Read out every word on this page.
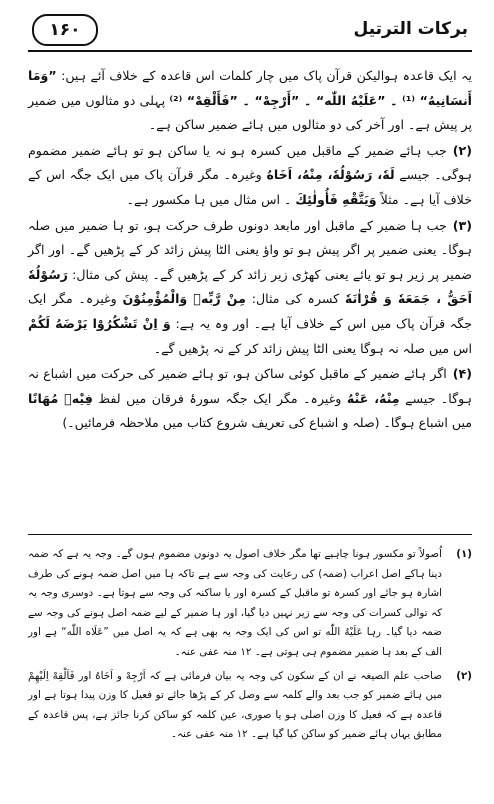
برکات الترتیل
۱۶۰

یہ ایک قاعدہ ہوالیکن قرآن پاک میں چار کلمات اس قاعدہ کے خلاف آئے ہیں: ”وَمَا أَنسَانِيهُ“ ⁽¹⁾ ۔ ”عَلَيْهُ اللّٰه“ ۔ ”أَرْجِهْ“ ۔ ”فَأَلْقِهْ“ ⁽²⁾ پہلی دو مثالوں میں ضمیر پر پیش ہے۔ اور آخر کی دو مثالوں میں ہائے ضمیر ساکن ہے۔

(۲)جب ہائے ضمیر کے ماقبل میں کسرہ ہو نہ یا ساکن ہو تو ہائے ضمیر مضموم ہوگی۔ جیسے لَهٗ، رَسُوْلُهٗ، مِنْهُ، اَخَاهُ وغیرہ۔ مگر قرآن پاک میں ایک جگہ اس کے خلاف آیا ہے۔ مثلاً وَيَتَّقْهِ فَأُولٰئِكَ ۔ اس مثال میں ہا مکسور ہے۔

(۳)جب ہا ضمیر کے ماقبل اور مابعد دونوں طرف حرکت ہو، تو ہا ضمیر میں صلہ ہوگا۔ یعنی ضمیر پر اگر پیش ہو تو واؤ یعنی الٹا پیش زائد کر کے پڑھیں گے۔ اور اگر ضمیر پر زیر ہو تو یائے یعنی کھڑی زیر زائد کر کے پڑھیں گے۔ پیش کی مثال: رَسُوْلُهٗ اَحَقُّ ، جَمَعَهٗ وَ قُرْاٰنَهٗ کسرہ کی مثال: مِنْ رَّبِّهٖ وَالْمُؤْمِنُوْنَ وغیرہ۔ مگر ایک جگہ قرآن پاک میں اس کے خلاف آیا ہے۔ اور وہ یہ ہے: وَ اِنْ تَشْكُرُوْا يَرْضَهُ لَكُمْ اس میں صلہ نہ ہوگا یعنی الٹا پیش زائد کر کے نہ پڑھیں گے۔

(۴)اگر ہائے ضمیر کے ماقبل کوئی ساکن ہو، تو ہائے ضمیر کی حرکت میں اشباع نہ ہوگا۔ جیسے مِنْهُ، عَنْهُ وغیرہ۔ مگر ایک جگہ سورۂ فرقان میں لفظ فِيْهٖ مُهَانًا میں اشباع ہوگا۔ (صلہ و اشباع کی تعریف شروع کتاب میں ملاحظہ فرمائیں۔)

(۱)
اُصولاً تو مکسور ہونا چاہیے تھا مگر خلاف اصول یہ دونوں مضموم ہوں گے۔ وجہ یہ ہے کہ ضمہ دینا ہاکے اصل اعراب (ضمہ) کی رعایت کی وجہ سے ہے تاکہ ہا میں اصل ضمہ ہونے کی طرف اشارہ ہو جائے اور کسرہ تو ماقبل کے کسرہ اور یا ساکنہ کی وجہ سے ہوتا ہے۔ دوسری وجہ یہ کہ توالی کسرات کی وجہ سے زیر نہیں دیا گیا، اور ہا ضمیر کے لیے ضمہ اصل ہونے کی وجہ سے ضمہ دیا گیا۔ رہا عَلَيْهُ اللّٰه تو اس کی ایک وجہ یہ بھی ہے کہ یہ اصل میں ”عَلَاه اللّٰه“ ہے اور الف کے بعد ہا ضمیر مضموم ہی ہوتی ہے۔ ۱۲ منہ عفی عنہ۔

(۲)
صاحب علم الصیغہ نے ان کے سکون کی وجہ یہ بیان فرمائی ہے کہ اَرْجِهْ و اَخَاهُ اور فَاَلْقِهْ اِلَيْهِمْ میں ہائے ضمیر کو جب بعد والے کلمہ سے وصل کر کے پڑھا جائے تو فعیل کا وزن پیدا ہوتا ہے اور قاعدہ ہے کہ فعیل کا وزن اصلی ہو یا صوری، عین کلمہ کو ساکن کرنا جائز ہے، پس قاعدہ کے مطابق یہاں ہائے ضمیر کو ساکن کیا گیا ہے۔ ۱۲ منہ عفی عنہ۔
